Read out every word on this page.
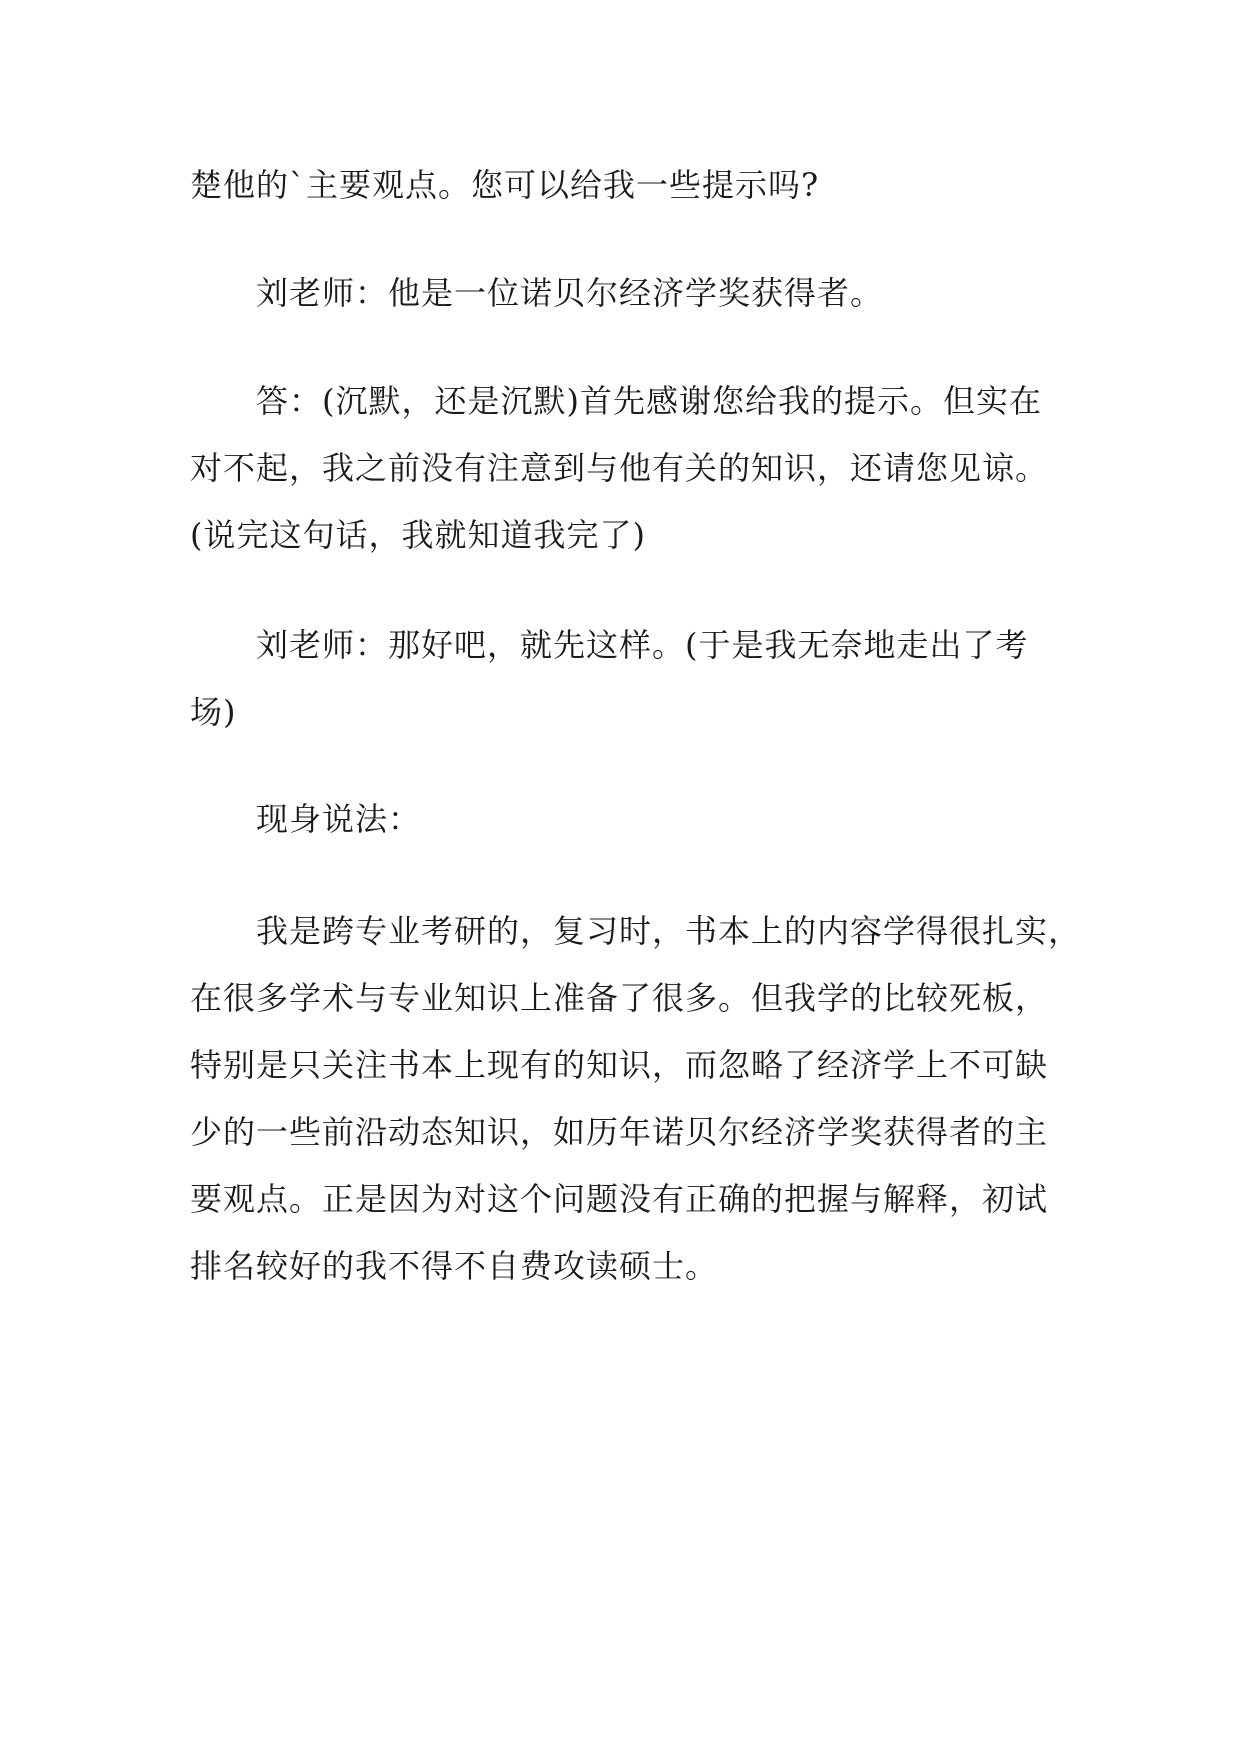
楚他的`主要观点。您可以给我一些提示吗?
刘老师：他是一位诺贝尔经济学奖获得者。
答：(沉默，还是沉默)首先感谢您给我的提示。但实在
对不起，我之前没有注意到与他有关的知识，还请您见谅。
(说完这句话，我就知道我完了)
刘老师：那好吧，就先这样。(于是我无奈地走出了考
场)
现身说法：
我是跨专业考研的，复习时，书本上的内容学得很扎实，
在很多学术与专业知识上准备了很多。但我学的比较死板，
特别是只关注书本上现有的知识，而忽略了经济学上不可缺
少的一些前沿动态知识，如历年诺贝尔经济学奖获得者的主
要观点。正是因为对这个问题没有正确的把握与解释，初试
排名较好的我不得不自费攻读硕士。
